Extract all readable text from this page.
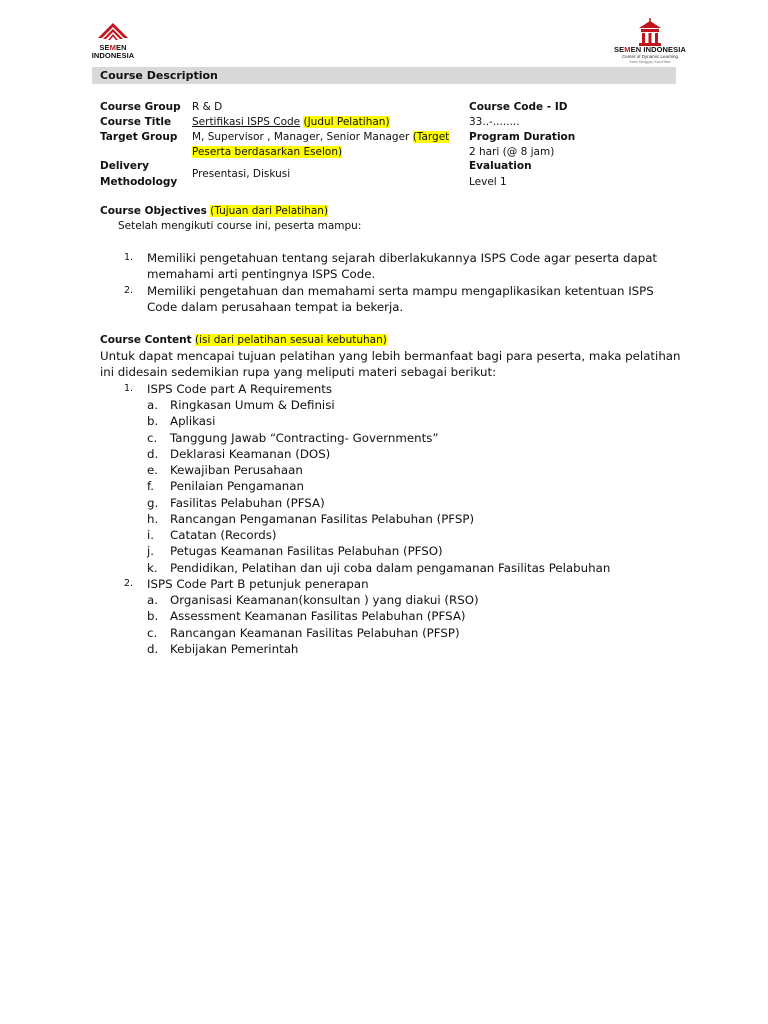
SEMEN
INDONESIA
SEMEN INDONESIA
Center of Dynamic Learning
Kami Sanggup, Kami Bisa
Course Description
Course Group
Course Title
Target Group
Delivery
Methodology
R & D
Sertifikasi ISPS Code (Judul Pelatihan)
M, Supervisor , Manager, Senior Manager (Target
Peserta berdasarkan Eselon)
Presentasi, Diskusi
Course Code - ID
33..-........
Program Duration
2 hari (@ 8 jam)
Evaluation
Level 1
Course Objectives (Tujuan dari Pelatihan)
Setelah mengikuti course ini, peserta mampu:
1. Memiliki pengetahuan tentang sejarah diberlakukannya ISPS Code agar peserta dapat
memahami arti pentingnya ISPS Code.
2. Memiliki pengetahuan dan memahami serta mampu mengaplikasikan ketentuan ISPS
Code dalam perusahaan tempat ia bekerja.
Course Content (isi dari pelatihan sesuai kebutuhan)
Untuk dapat mencapai tujuan pelatihan yang lebih bermanfaat bagi para peserta, maka pelatihan
ini didesain sedemikian rupa yang meliputi materi sebagai berikut:
1. ISPS Code part A Requirements
a. Ringkasan Umum & Definisi
b. Aplikasi
c. Tanggung Jawab “Contracting- Governments”
d. Deklarasi Keamanan (DOS)
e. Kewajiban Perusahaan
f. Penilaian Pengamanan
g. Fasilitas Pelabuhan (PFSA)
h. Rancangan Pengamanan Fasilitas Pelabuhan (PFSP)
i. Catatan (Records)
j. Petugas Keamanan Fasilitas Pelabuhan (PFSO)
k. Pendidikan, Pelatihan dan uji coba dalam pengamanan Fasilitas Pelabuhan
2. ISPS Code Part B petunjuk penerapan
a. Organisasi Keamanan(konsultan ) yang diakui (RSO)
b. Assessment Keamanan Fasilitas Pelabuhan (PFSA)
c. Rancangan Keamanan Fasilitas Pelabuhan (PFSP)
d. Kebijakan Pemerintah
